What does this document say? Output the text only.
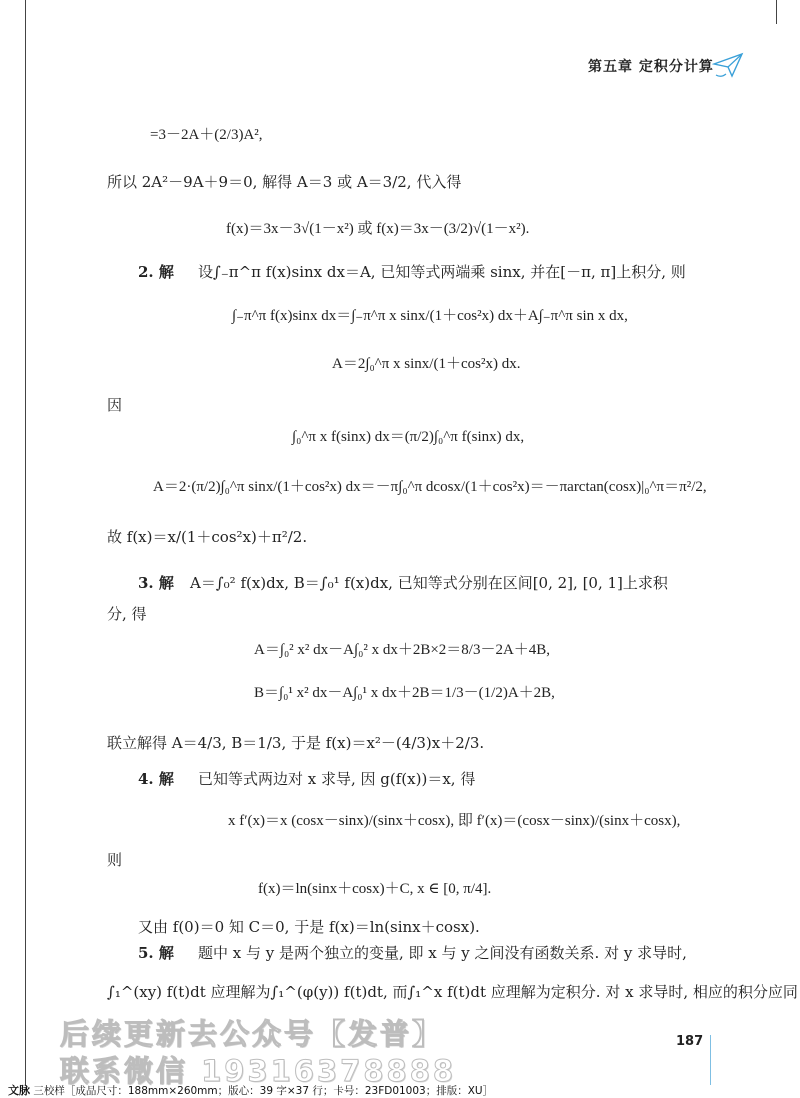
第五章 定积分计算
=3－2A＋(2/3)A²,
所以 2A²－9A＋9＝0, 解得 A＝3 或 A＝3/2, 代入得
f(x)＝3x－3√(1－x²) 或 f(x)＝3x－(3/2)√(1－x²).
2. 解 设∫₋π^π f(x)sinx dx＝A, 已知等式两端乘 sinx, 并在[－π, π]上积分, 则
∫₋π^π f(x)sinx dx＝∫₋π^π x sinx/(1＋cos²x) dx＋A∫₋π^π sin x dx,
A＝2∫₀^π x sinx/(1＋cos²x) dx.
因
∫₀^π x f(sinx) dx＝(π/2)∫₀^π f(sinx) dx,
A＝2·(π/2)∫₀^π sinx/(1＋cos²x) dx＝－π∫₀^π dcosx/(1＋cos²x)＝－πarctan(cosx)|₀^π＝π²/2,
故 f(x)＝x/(1＋cos²x)＋π²/2.
3. 解 A＝∫₀² f(x)dx, B＝∫₀¹ f(x)dx, 已知等式分别在区间[0, 2], [0, 1]上求积
分, 得
A＝∫₀² x² dx－A∫₀² x dx＋2B×2＝8/3－2A＋4B,
B＝∫₀¹ x² dx－A∫₀¹ x dx＋2B＝1/3－(1/2)A＋2B,
联立解得 A＝4/3, B＝1/3, 于是 f(x)＝x²－(4/3)x＋2/3.
4. 解 已知等式两边对 x 求导, 因 g(f(x))＝x, 得
x f′(x)＝x (cosx－sinx)/(sinx＋cosx), 即 f′(x)＝(cosx－sinx)/(sinx＋cosx),
则
f(x)＝ln(sinx＋cosx)＋C, x ∈ [0, π/4].
又由 f(0)＝0 知 C＝0, 于是 f(x)＝ln(sinx＋cosx).
5. 解 题中 x 与 y 是两个独立的变量, 即 x 与 y 之间没有函数关系. 对 y 求导时,
∫₁^(xy) f(t)dt 应理解为∫₁^(φ(y)) f(t)dt, 而∫₁^x f(t)dt 应理解为定积分. 对 x 求导时, 相应的积分应同
后续更新去公众号【发普】
联系微信 19316378888
187
文脉 三校样［成品尺寸：188mm×260mm；版心：39 字×37 行；卡号：23FD01003；排版：XU］
